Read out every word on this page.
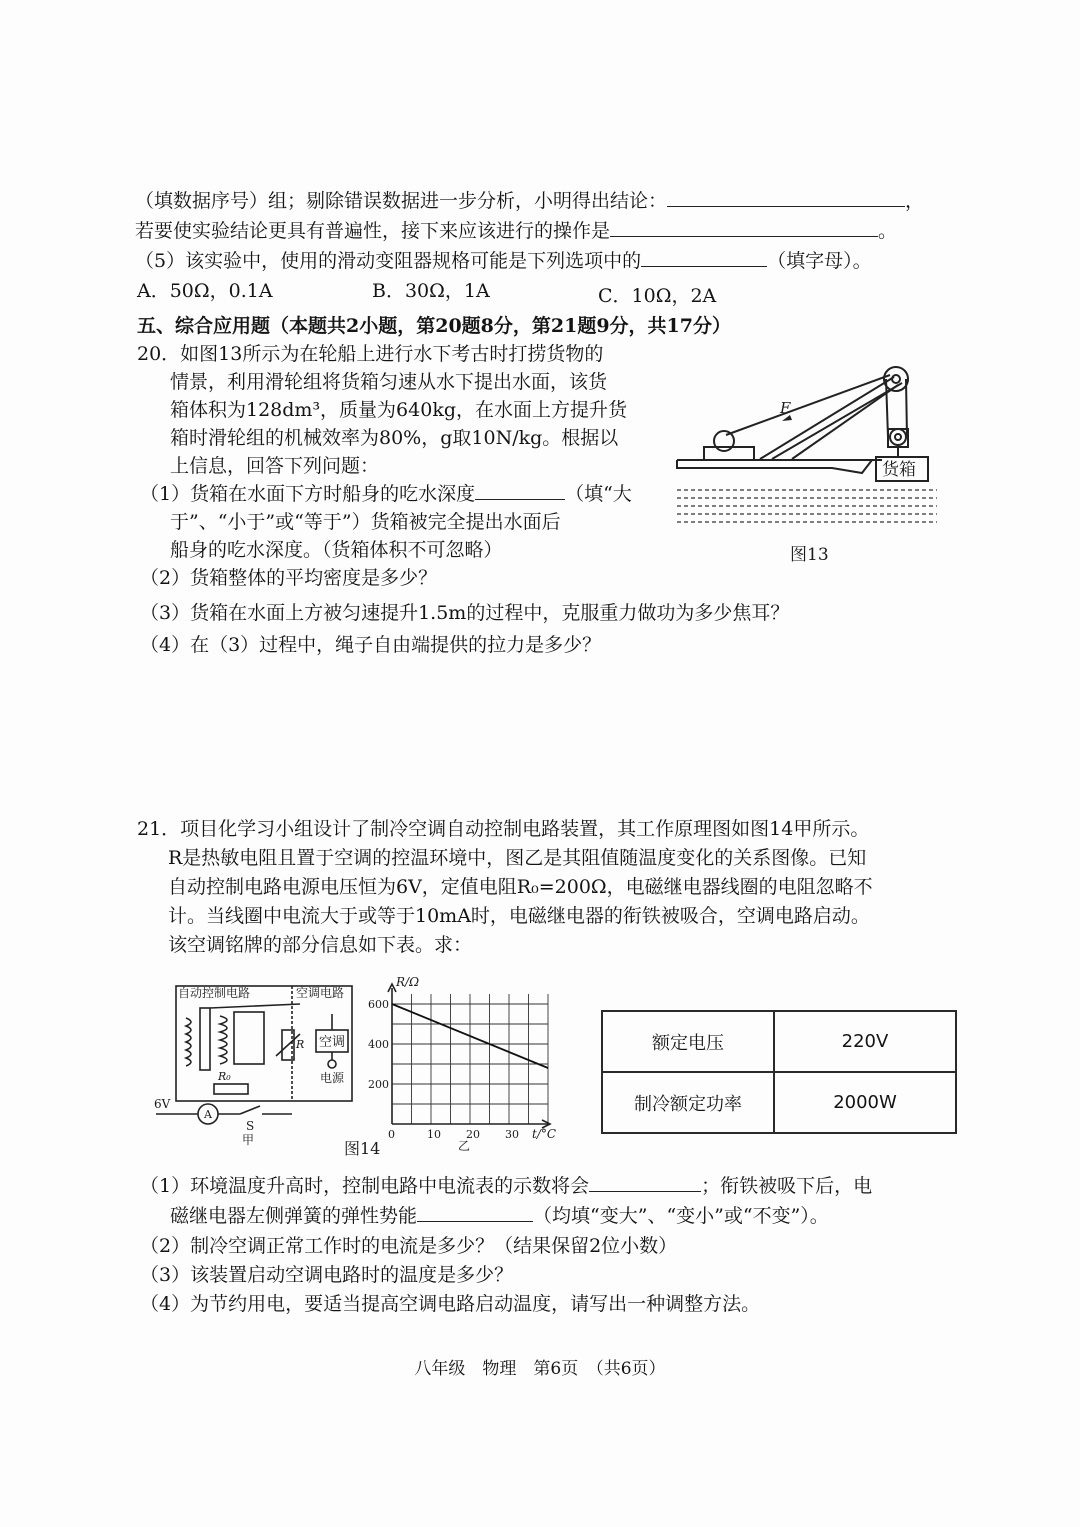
（填数据序号）组；剔除错误数据进一步分析，小明得出结论：	，
若要使实验结论更具有普遍性，接下来应该进行的操作是	。
（5）该实验中，使用的滑动变阻器规格可能是下列选项中的	（填字母）。
A．50Ω，0.1A	B．30Ω，1A	C．10Ω，2A
五、综合应用题（本题共2小题，第20题8分，第21题9分，共17分）
20．如图13所示为在轮船上进行水下考古时打捞货物的
情景，利用滑轮组将货箱匀速从水下提出水面，该货
箱体积为128dm³，质量为640kg，在水面上方提升货
箱时滑轮组的机械效率为80%，g取10N/kg。根据以
上信息，回答下列问题：
（1）货箱在水面下方时船身的吃水深度	（填“大
于”、“小于”或“等于”）货箱被完全提出水面后
船身的吃水深度。（货箱体积不可忽略）
（2）货箱整体的平均密度是多少？
（3）货箱在水面上方被匀速提升1.5m的过程中，克服重力做功为多少焦耳？
（4）在（3）过程中，绳子自由端提供的拉力是多少？
F
货箱
图13
21．项目化学习小组设计了制冷空调自动控制电路装置，其工作原理图如图14甲所示。
R是热敏电阻且置于空调的控温环境中，图乙是其阻值随温度变化的关系图像。已知
自动控制电路电源电压恒为6V，定值电阻R₀=200Ω，电磁继电器线圈的电阻忽略不
计。当线圈中电流大于或等于10mA时，电磁继电器的衔铁被吸合，空调电路启动。
该空调铭牌的部分信息如下表。求：
自动控制电路	空调电路
空调
电源
R
R₀
6V
A
S
甲	图14
0	10 20 30
200
400
600
R/Ω
t/°C
乙
额定电压	220V
制冷额定功率	2000W
（1）环境温度升高时，控制电路中电流表的示数将会	；衔铁被吸下后，电
磁继电器左侧弹簧的弹性势能	（均填“变大”、“变小”或“不变”）。
（2）制冷空调正常工作时的电流是多少？（结果保留2位小数）
（3）该装置启动空调电路时的温度是多少？
（4）为节约用电，要适当提高空调电路启动温度，请写出一种调整方法。
八年级　物理　第6页　（共6页）
